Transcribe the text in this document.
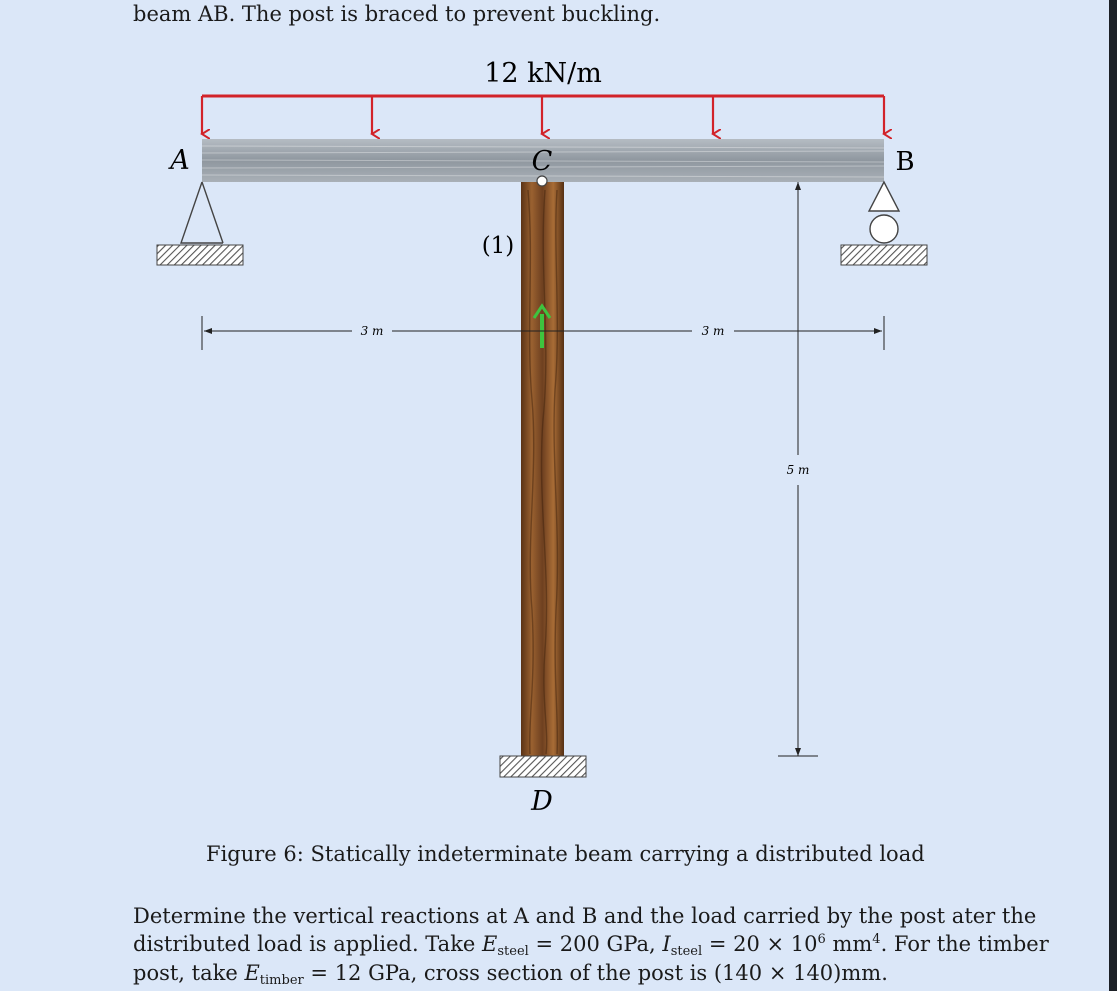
beam AB. The post is braced to prevent buckling.
12 kN/m
3 m	3 m
5 m
A	B
C
D
(1)
Figure 6: Statically indeterminate beam carrying a distributed load
Determine the vertical reactions at A and B and the load carried by the post ater the
distributed load is applied. Take $E_{steel} = 200$ GPa, $I_{steel} = 20 \times 10^6$ $mm^4$. For the timber
post, take $E_{timber} = 12$ GPa, cross section of the post is (140 × 140)mm.
